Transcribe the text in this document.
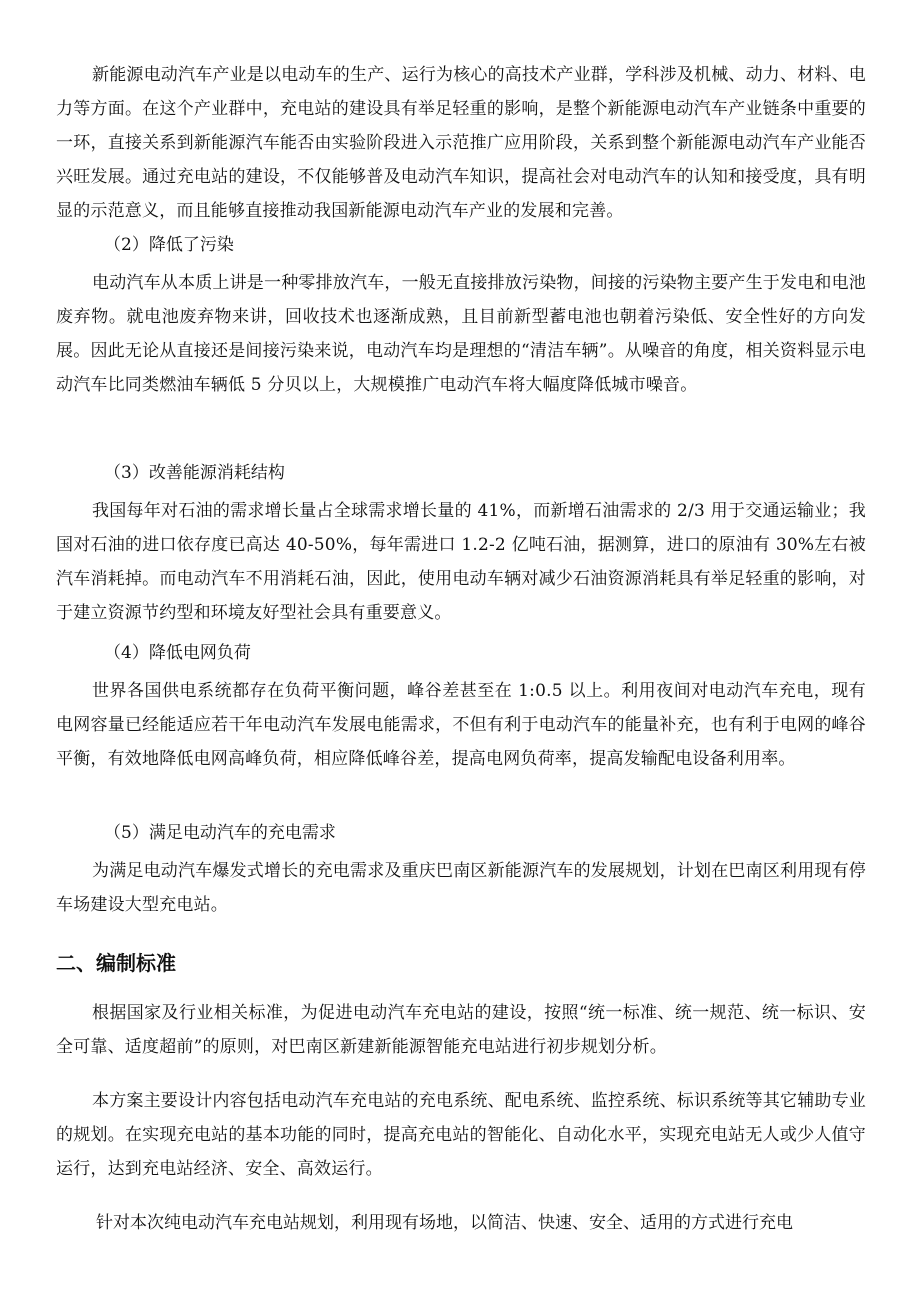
新能源电动汽车产业是以电动车的生产、运行为核心的高技术产业群，学科涉及机械、动力、材料、电力等方面。在这个产业群中，充电站的建设具有举足轻重的影响，是整个新能源电动汽车产业链条中重要的一环，直接关系到新能源汽车能否由实验阶段进入示范推广应用阶段，关系到整个新能源电动汽车产业能否兴旺发展。通过充电站的建设，不仅能够普及电动汽车知识，提高社会对电动汽车的认知和接受度，具有明显的示范意义，而且能够直接推动我国新能源电动汽车产业的发展和完善。

（2）降低了污染

电动汽车从本质上讲是一种零排放汽车，一般无直接排放污染物，间接的污染物主要产生于发电和电池废弃物。就电池废弃物来讲，回收技术也逐渐成熟，且目前新型蓄电池也朝着污染低、安全性好的方向发展。因此无论从直接还是间接污染来说，电动汽车均是理想的“清洁车辆”。从噪音的角度，相关资料显示电动汽车比同类燃油车辆低 5 分贝以上，大规模推广电动汽车将大幅度降低城市噪音。

（3）改善能源消耗结构

我国每年对石油的需求增长量占全球需求增长量的 41%，而新增石油需求的 2/3 用于交通运输业；我国对石油的进口依存度已高达 40-50%，每年需进口 1.2-2 亿吨石油，据测算，进口的原油有 30%左右被汽车消耗掉。而电动汽车不用消耗石油，因此，使用电动车辆对减少石油资源消耗具有举足轻重的影响，对于建立资源节约型和环境友好型社会具有重要意义。

（4）降低电网负荷

世界各国供电系统都存在负荷平衡问题，峰谷差甚至在 1:0.5 以上。利用夜间对电动汽车充电，现有电网容量已经能适应若干年电动汽车发展电能需求，不但有利于电动汽车的能量补充，也有利于电网的峰谷平衡，有效地降低电网高峰负荷，相应降低峰谷差，提高电网负荷率，提高发输配电设备利用率。

（5）满足电动汽车的充电需求

为满足电动汽车爆发式增长的充电需求及重庆巴南区新能源汽车的发展规划，计划在巴南区利用现有停车场建设大型充电站。

二、编制标准

根据国家及行业相关标准，为促进电动汽车充电站的建设，按照“统一标准、统一规范、统一标识、安全可靠、适度超前”的原则，对巴南区新建新能源智能充电站进行初步规划分析。

本方案主要设计内容包括电动汽车充电站的充电系统、配电系统、监控系统、标识系统等其它辅助专业的规划。在实现充电站的基本功能的同时，提高充电站的智能化、自动化水平，实现充电站无人或少人值守运行，达到充电站经济、安全、高效运行。

针对本次纯电动汽车充电站规划，利用现有场地，以简洁、快速、安全、适用的方式进行充电
